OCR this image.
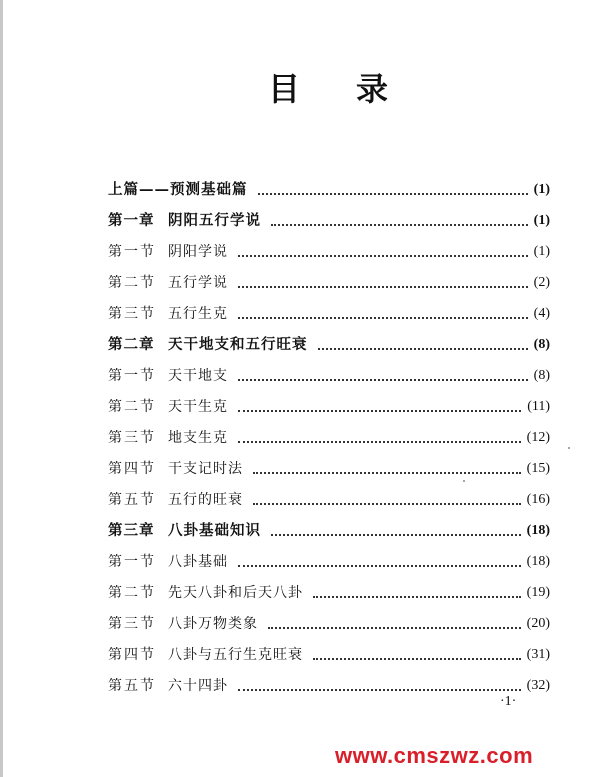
目 录
上篇 ——预测基础篇	(1)
第一章 阴阳五行学说	(1)
第一节 阴阳学说	(1)
第二节 五行学说	(2)
第三节 五行生克	(4)
第二章 天干地支和五行旺衰	(8)
第一节 天干地支	(8)
第二节 天干生克	(11)
第三节 地支生克	(12)
第四节 干支记时法	(15)
第五节 五行的旺衰	(16)
第三章 八卦基础知识	(18)
第一节 八卦基础	(18)
第二节 先天八卦和后天八卦	(19)
第三节 八卦万物类象	(20)
第四节 八卦与五行生克旺衰	(31)
第五节 六十四卦	(32)
·1·
www.cmszwz.com
